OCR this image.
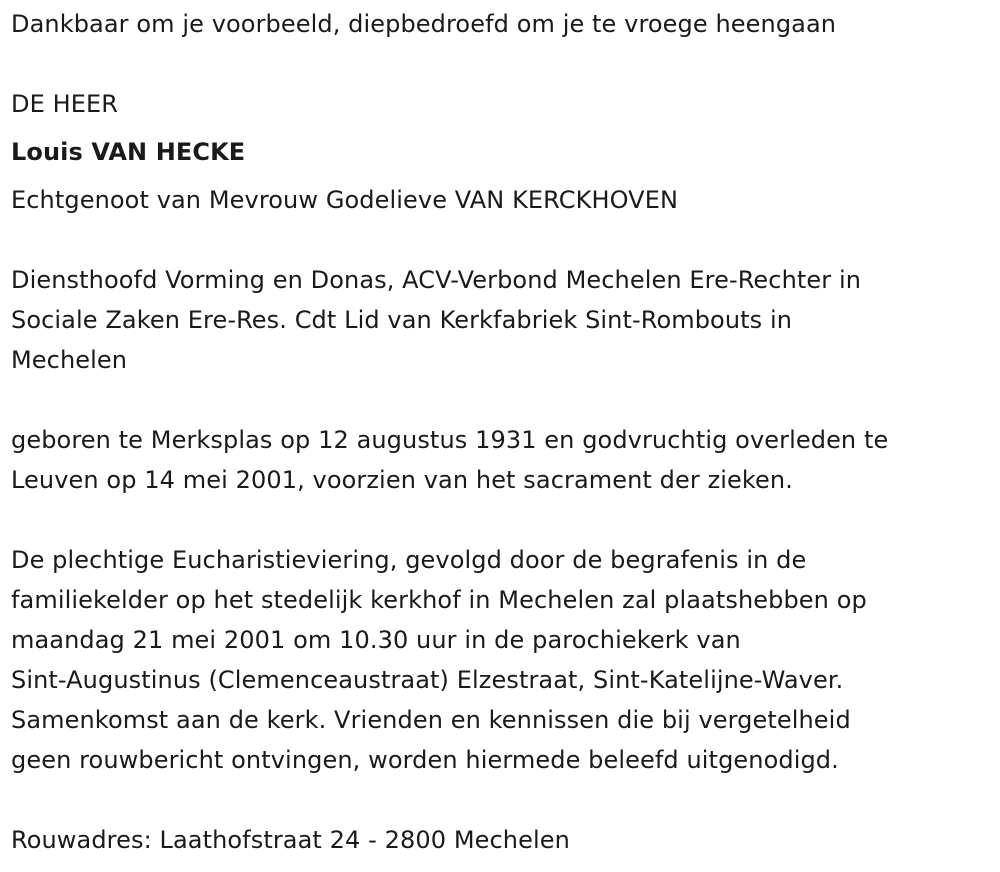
Dankbaar om je voorbeeld, diepbedroefd om je te vroege heengaan

DE HEER

Louis VAN HECKE

Echtgenoot van Mevrouw Godelieve VAN KERCKHOVEN

Diensthoofd Vorming en Donas, ACV-Verbond Mechelen Ere-Rechter in

Sociale Zaken Ere-Res. Cdt Lid van Kerkfabriek Sint-Rombouts in

Mechelen

geboren te Merksplas op 12 augustus 1931 en godvruchtig overleden te

Leuven op 14 mei 2001, voorzien van het sacrament der zieken.

De plechtige Eucharistieviering, gevolgd door de begrafenis in de

familiekelder op het stedelijk kerkhof in Mechelen zal plaatshebben op

maandag 21 mei 2001 om 10.30 uur in de parochiekerk van

Sint-Augustinus (Clemenceaustraat) Elzestraat, Sint-Katelijne-Waver.

Samenkomst aan de kerk. Vrienden en kennissen die bij vergetelheid

geen rouwbericht ontvingen, worden hiermede beleefd uitgenodigd.

Rouwadres: Laathofstraat 24 - 2800 Mechelen
